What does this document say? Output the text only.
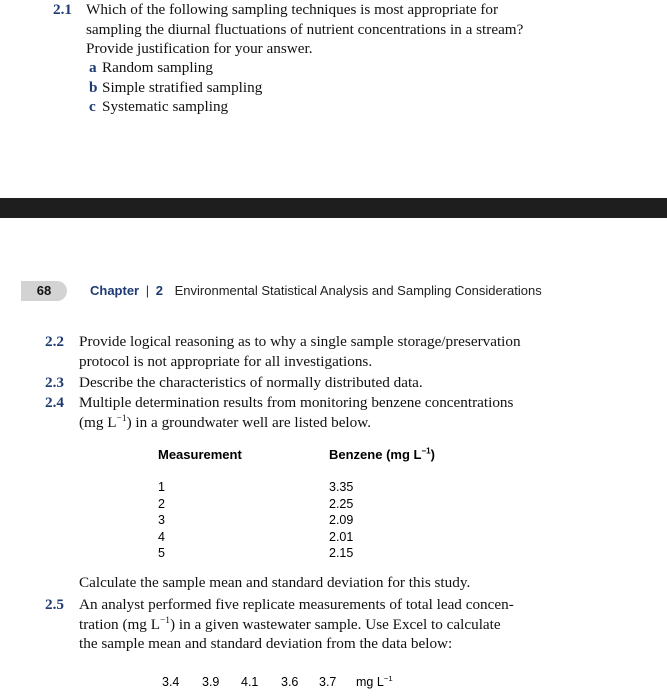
2.1 Which of the following sampling techniques is most appropriate for
sampling the diurnal fluctuations of nutrient concentrations in a stream?
Provide justification for your answer.
a Random sampling
b Simple stratified sampling
c Systematic sampling
68	Chapter | 2 Environmental Statistical Analysis and Sampling Considerations
2.2 Provide logical reasoning as to why a single sample storage/preservation
protocol is not appropriate for all investigations.
2.3 Describe the characteristics of normally distributed data.
2.4 Multiple determination results from monitoring benzene concentrations
(mg $L^{-1}$) in a groundwater well are listed below.
Measurement	Benzene (mg $L^{-1}$)
1
2
3
4
5
3.35
2.25
2.09
2.01
2.15
Calculate the sample mean and standard deviation for this study.
2.5 An analyst performed five replicate measurements of total lead concen-
tration (mg $L^{-1}$) in a given wastewater sample. Use Excel to calculate
the sample mean and standard deviation from the data below:
3.4 3.9 4.1 3.6 3.7 mg $L^{-1}$
